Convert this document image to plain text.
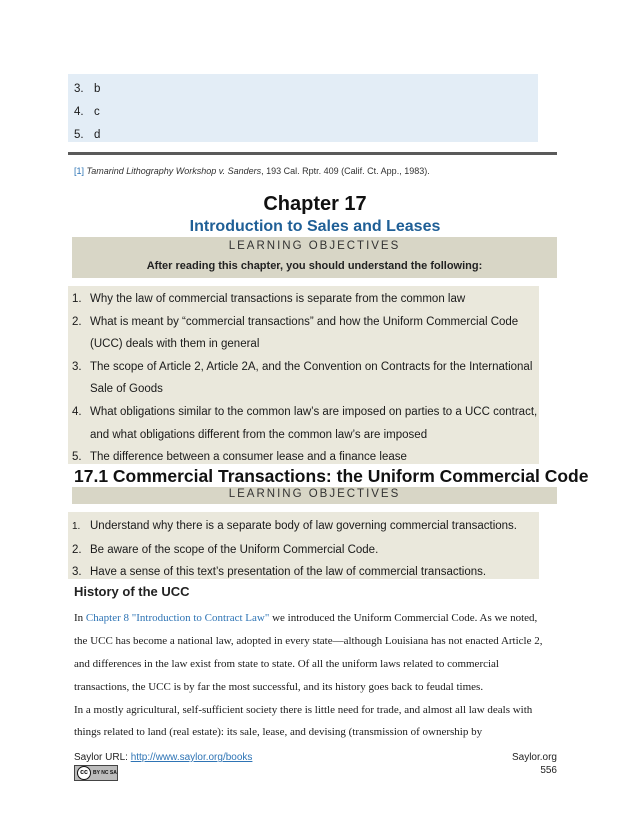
3. b
4. c
5. d
[1] Tamarind Lithography Workshop v. Sanders, 193 Cal. Rptr. 409 (Calif. Ct. App., 1983).
Chapter 17
Introduction to Sales and Leases
LEARNING OBJECTIVES
After reading this chapter, you should understand the following:
1. Why the law of commercial transactions is separate from the common law
2. What is meant by “commercial transactions” and how the Uniform Commercial Code
(UCC) deals with them in general
3. The scope of Article 2, Article 2A, and the Convention on Contracts for the International
Sale of Goods
4. What obligations similar to the common law’s are imposed on parties to a UCC contract,
and what obligations different from the common law’s are imposed
5. The difference between a consumer lease and a finance lease
17.1 Commercial Transactions: the Uniform Commercial Code
LEARNING OBJECTIVES
1. Understand why there is a separate body of law governing commercial transactions.
2. Be aware of the scope of the Uniform Commercial Code.
3. Have a sense of this text’s presentation of the law of commercial transactions.
History of the UCC
In Chapter 8 "Introduction to Contract Law" we introduced the Uniform Commercial Code. As we noted,
the UCC has become a national law, adopted in every state—although Louisiana has not enacted Article 2,
and differences in the law exist from state to state. Of all the uniform laws related to commercial
transactions, the UCC is by far the most successful, and its history goes back to feudal times.
In a mostly agricultural, self-sufficient society there is little need for trade, and almost all law deals with
things related to land (real estate): its sale, lease, and devising (transmission of ownership by
Saylor URL: http://www.saylor.org/books
cc	BY NC SA
Saylor.org
556
